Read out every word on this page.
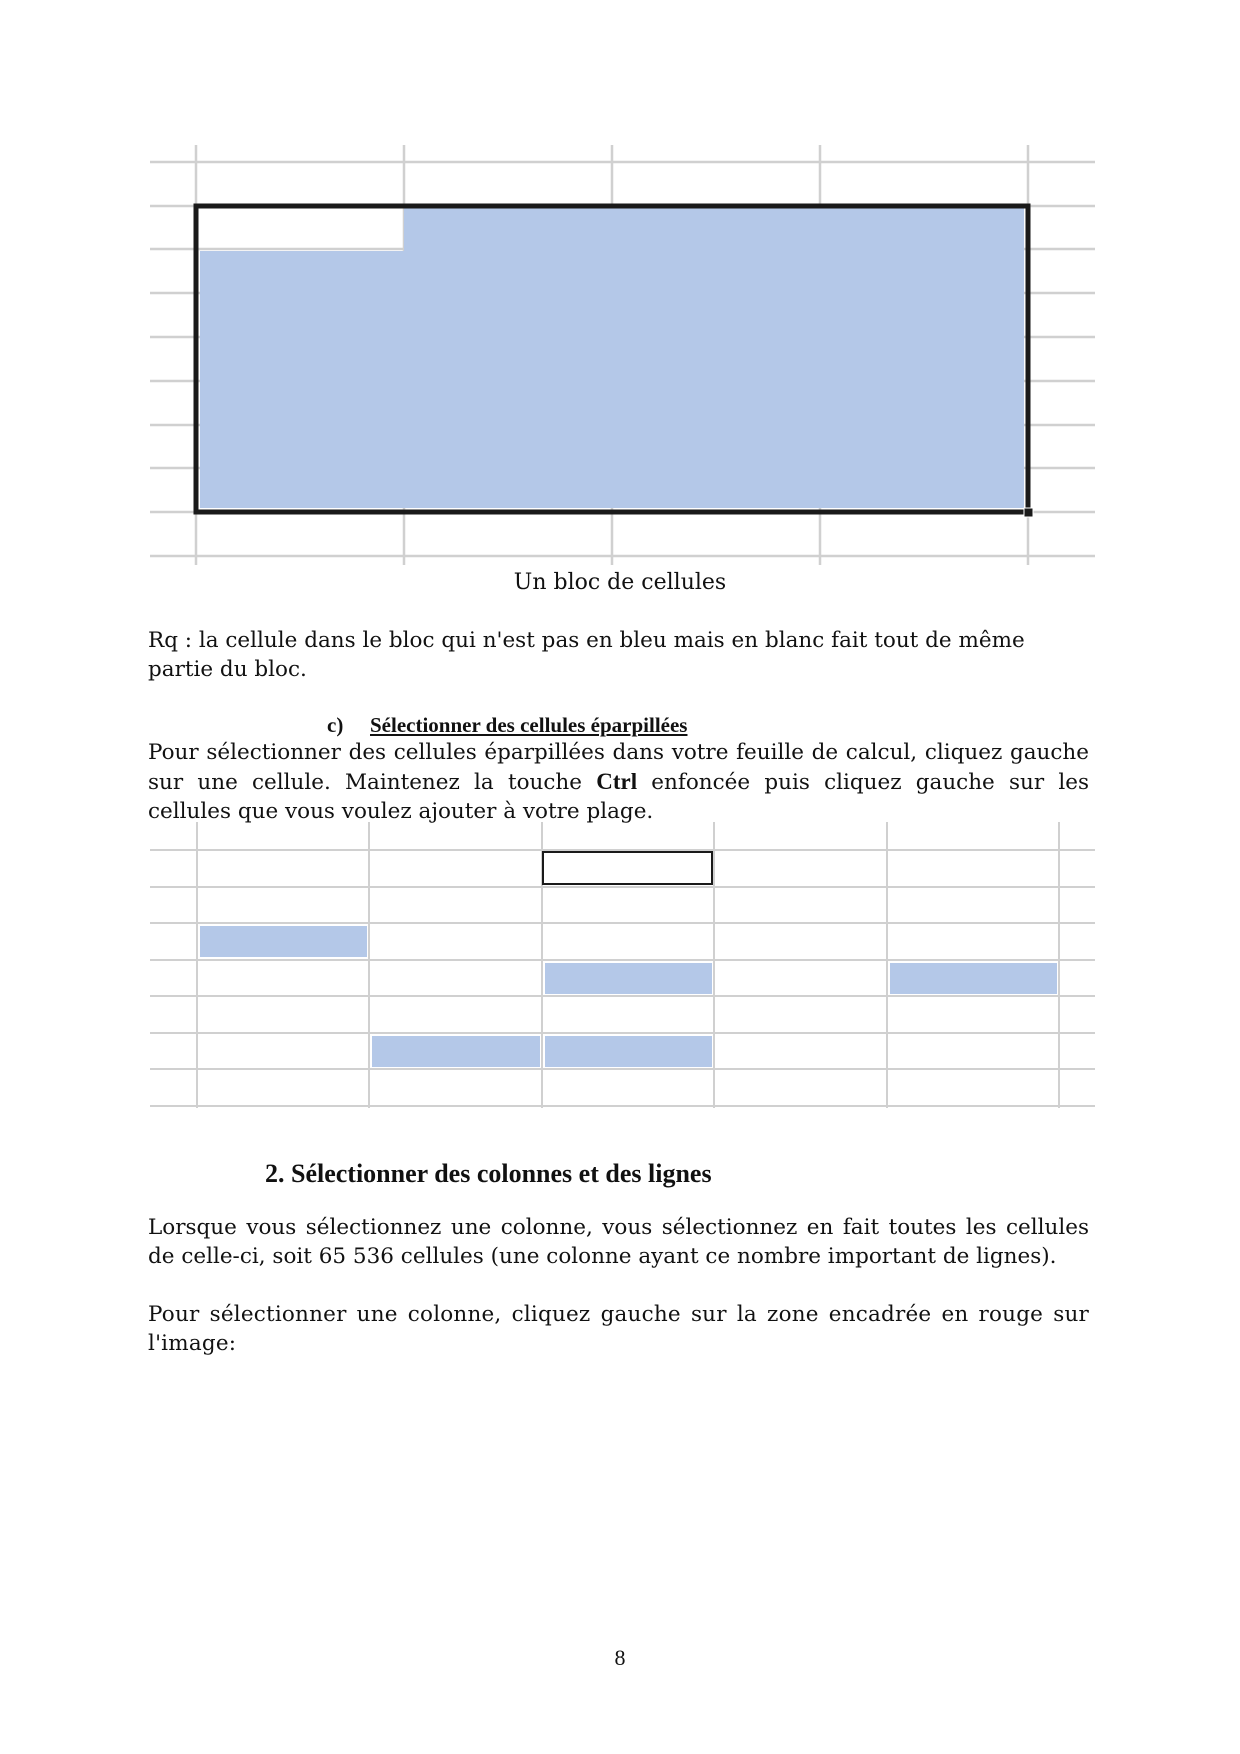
Un bloc de cellules
Rq : la cellule dans le bloc qui n'est pas en bleu mais en blanc fait tout de même partie du bloc.
c) Sélectionner des cellules éparpillées
Pour sélectionner des cellules éparpillées dans votre feuille de calcul, cliquez gauche sur une cellule. Maintenez la touche Ctrl enfoncée puis cliquez gauche sur les cellules que vous voulez ajouter à votre plage.
2. Sélectionner des colonnes et des lignes
Lorsque vous sélectionnez une colonne, vous sélectionnez en fait toutes les cellules de celle-ci, soit 65 536 cellules (une colonne ayant ce nombre important de lignes).
Pour sélectionner une colonne, cliquez gauche sur la zone encadrée en rouge sur l'image:
8
